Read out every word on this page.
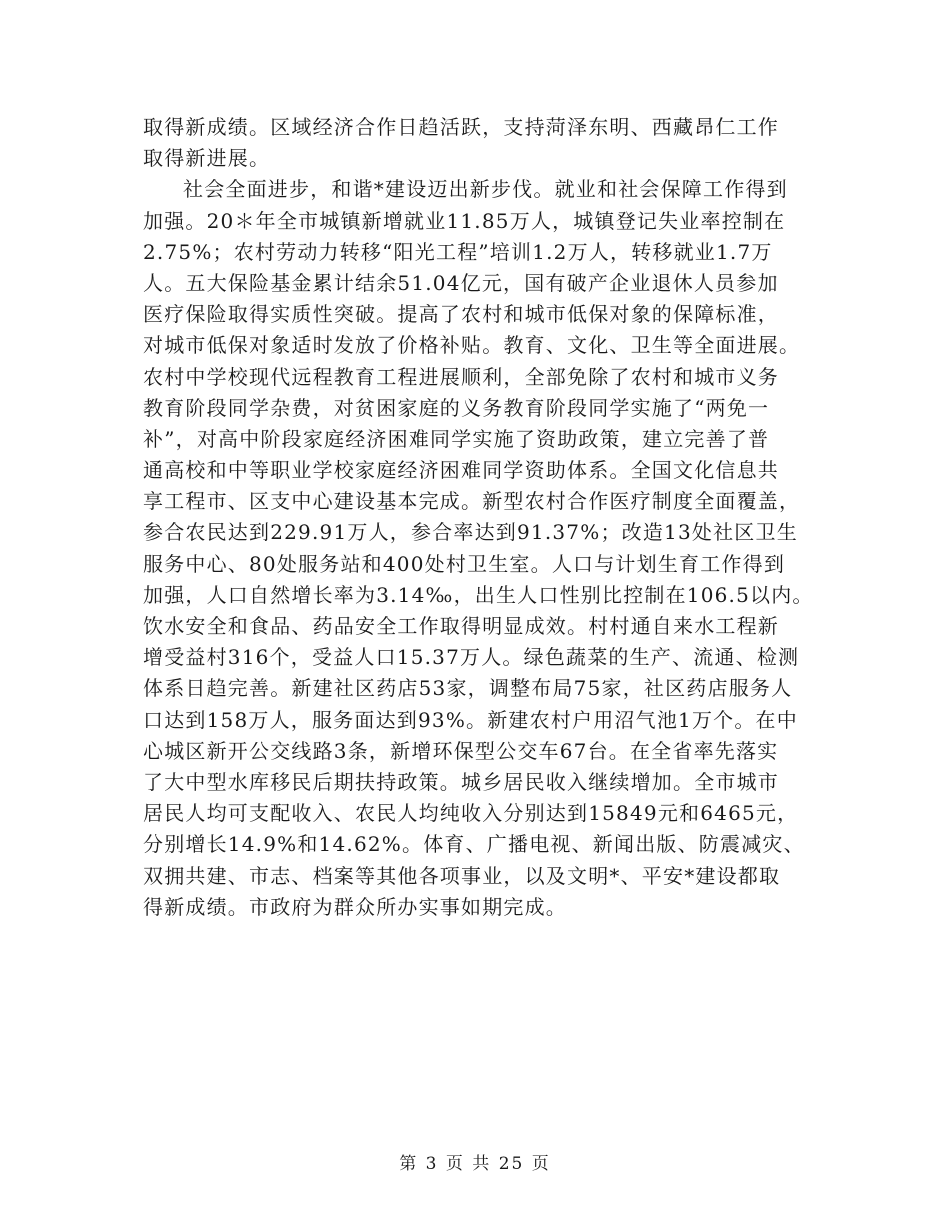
取得新成绩。区域经济合作日趋活跃，支持菏泽东明、西藏昂仁工作
取得新进展。
社会全面进步，和谐*建设迈出新步伐。就业和社会保障工作得到
加强。20＊年全市城镇新增就业11.85万人，城镇登记失业率控制在
2.75%；农村劳动力转移“阳光工程”培训1.2万人，转移就业1.7万
人。五大保险基金累计结余51.04亿元，国有破产企业退休人员参加
医疗保险取得实质性突破。提高了农村和城市低保对象的保障标准，
对城市低保对象适时发放了价格补贴。教育、文化、卫生等全面进展。
农村中学校现代远程教育工程进展顺利，全部免除了农村和城市义务
教育阶段同学杂费，对贫困家庭的义务教育阶段同学实施了“两免一
补”，对高中阶段家庭经济困难同学实施了资助政策，建立完善了普
通高校和中等职业学校家庭经济困难同学资助体系。全国文化信息共
享工程市、区支中心建设基本完成。新型农村合作医疗制度全面覆盖，
参合农民达到229.91万人，参合率达到91.37%；改造13处社区卫生
服务中心、80处服务站和400处村卫生室。人口与计划生育工作得到
加强，人口自然增长率为3.14‰，出生人口性别比控制在106.5以内。
饮水安全和食品、药品安全工作取得明显成效。村村通自来水工程新
增受益村316个，受益人口15.37万人。绿色蔬菜的生产、流通、检测
体系日趋完善。新建社区药店53家，调整布局75家，社区药店服务人
口达到158万人，服务面达到93%。新建农村户用沼气池1万个。在中
心城区新开公交线路3条，新增环保型公交车67台。在全省率先落实
了大中型水库移民后期扶持政策。城乡居民收入继续增加。全市城市
居民人均可支配收入、农民人均纯收入分别达到15849元和6465元，
分别增长14.9%和14.62%。体育、广播电视、新闻出版、防震减灾、
双拥共建、市志、档案等其他各项事业，以及文明*、平安*建设都取
得新成绩。市政府为群众所办实事如期完成。
第 3 页 共 25 页
